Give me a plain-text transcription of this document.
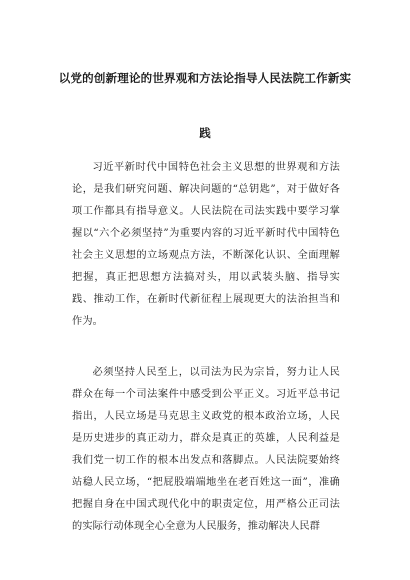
以党的创新理论的世界观和方法论指导人民法院工作新实
践
习近平新时代中国特色社会主义思想的世界观和方法论，是我们研究问题、解决问题的“总钥匙”，对于做好各项工作都具有指导意义。人民法院在司法实践中要学习掌握以“六个必须坚持”为重要内容的习近平新时代中国特色社会主义思想的立场观点方法，不断深化认识、全面理解把握，真正把思想方法搞对头，用以武装头脑、指导实践、推动工作，在新时代新征程上展现更大的法治担当和作为。
必须坚持人民至上，以司法为民为宗旨，努力让人民群众在每一个司法案件中感受到公平正义。习近平总书记指出，人民立场是马克思主义政党的根本政治立场，人民是历史进步的真正动力，群众是真正的英雄，人民利益是我们党一切工作的根本出发点和落脚点。人民法院要始终站稳人民立场，“把屁股端端地坐在老百姓这一面”，准确把握自身在中国式现代化中的职责定位，用严格公正司法的实际行动体现全心全意为人民服务，推动解决人民群
